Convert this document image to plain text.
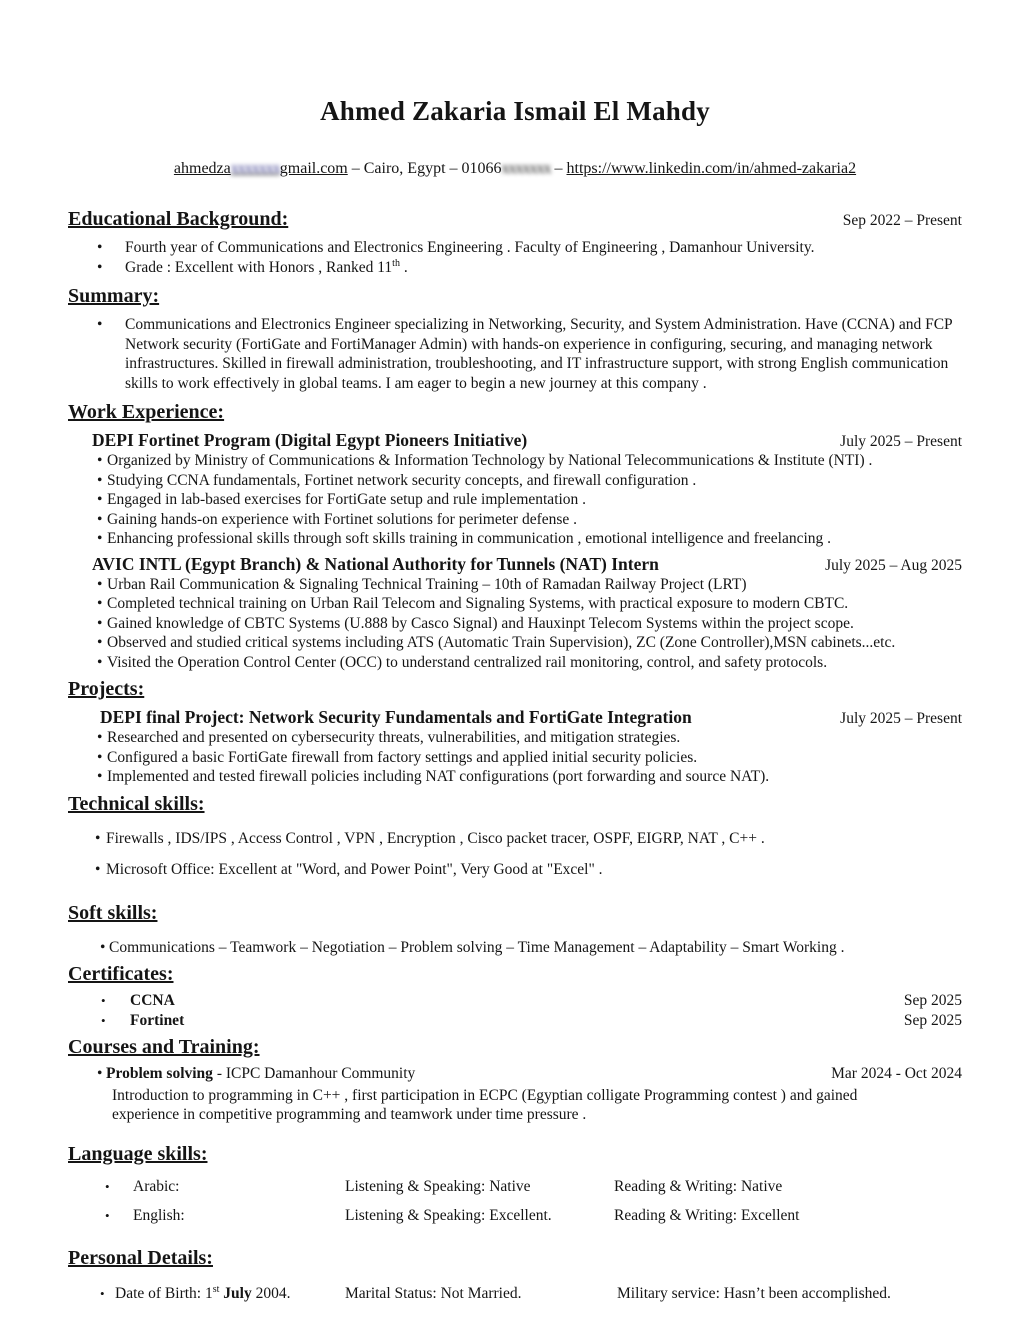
Ahmed Zakaria Ismail El Mahdy
ahmedzaxxxxxxxgmail.com – Cairo, Egypt – 01066xxxxxxx – https://www.linkedin.com/in/ahmed-zakaria2
Educational Background:	Sep 2022 – Present
• Fourth year of Communications and Electronics Engineering . Faculty of Engineering , Damanhour University.
• Grade : Excellent with Honors , Ranked 11th .
Summary:
• Communications and Electronics Engineer specializing in Networking, Security, and System Administration. Have (CCNA) and FCP Network security (FortiGate and FortiManager Admin) with hands-on experience in configuring, securing, and managing network infrastructures. Skilled in firewall administration, troubleshooting, and IT infrastructure support, with strong English communication skills to work effectively in global teams. I am eager to begin a new journey at this company .
Work Experience:
DEPI Fortinet Program (Digital Egypt Pioneers Initiative)	July 2025 – Present
• Organized by Ministry of Communications & Information Technology by National Telecommunications & Institute (NTI) .
• Studying CCNA fundamentals, Fortinet network security concepts, and firewall configuration .
• Engaged in lab-based exercises for FortiGate setup and rule implementation .
• Gaining hands-on experience with Fortinet solutions for perimeter defense .
• Enhancing professional skills through soft skills training in communication , emotional intelligence and freelancing .
AVIC INTL (Egypt Branch) & National Authority for Tunnels (NAT) Intern	July 2025 – Aug 2025
• Urban Rail Communication & Signaling Technical Training – 10th of Ramadan Railway Project (LRT)
• Completed technical training on Urban Rail Telecom and Signaling Systems, with practical exposure to modern CBTC.
• Gained knowledge of CBTC Systems (U.888 by Casco Signal) and Hauxinpt Telecom Systems within the project scope.
• Observed and studied critical systems including ATS (Automatic Train Supervision), ZC (Zone Controller),MSN cabinets...etc.
• Visited the Operation Control Center (OCC) to understand centralized rail monitoring, control, and safety protocols.
Projects:
DEPI final Project: Network Security Fundamentals and FortiGate Integration	July 2025 – Present
• Researched and presented on cybersecurity threats, vulnerabilities, and mitigation strategies.
• Configured a basic FortiGate firewall from factory settings and applied initial security policies.
• Implemented and tested firewall policies including NAT configurations (port forwarding and source NAT).
Technical skills:
• Firewalls , IDS/IPS , Access Control , VPN , Encryption , Cisco packet tracer, OSPF, EIGRP, NAT , C++ .
• Microsoft Office: Excellent at "Word, and Power Point", Very Good at "Excel" .
Soft skills:
• Communications – Teamwork – Negotiation – Problem solving – Time Management – Adaptability – Smart Working .
Certificates:
• CCNA	Sep 2025
• Fortinet	Sep 2025
Courses and Training:
• Problem solving - ICPC Damanhour Community	Mar 2024 - Oct 2024
Introduction to programming in C++ , first participation in ECPC (Egyptian colligate Programming contest ) and gained experience in competitive programming and teamwork under time pressure .
Language skills:
• Arabic:	Listening & Speaking: Native	Reading & Writing: Native
• English:	Listening & Speaking: Excellent.	Reading & Writing: Excellent
Personal Details:
• Date of Birth: 1st July 2004.	Marital Status: Not Married.	Military service: Hasn’t been accomplished.
